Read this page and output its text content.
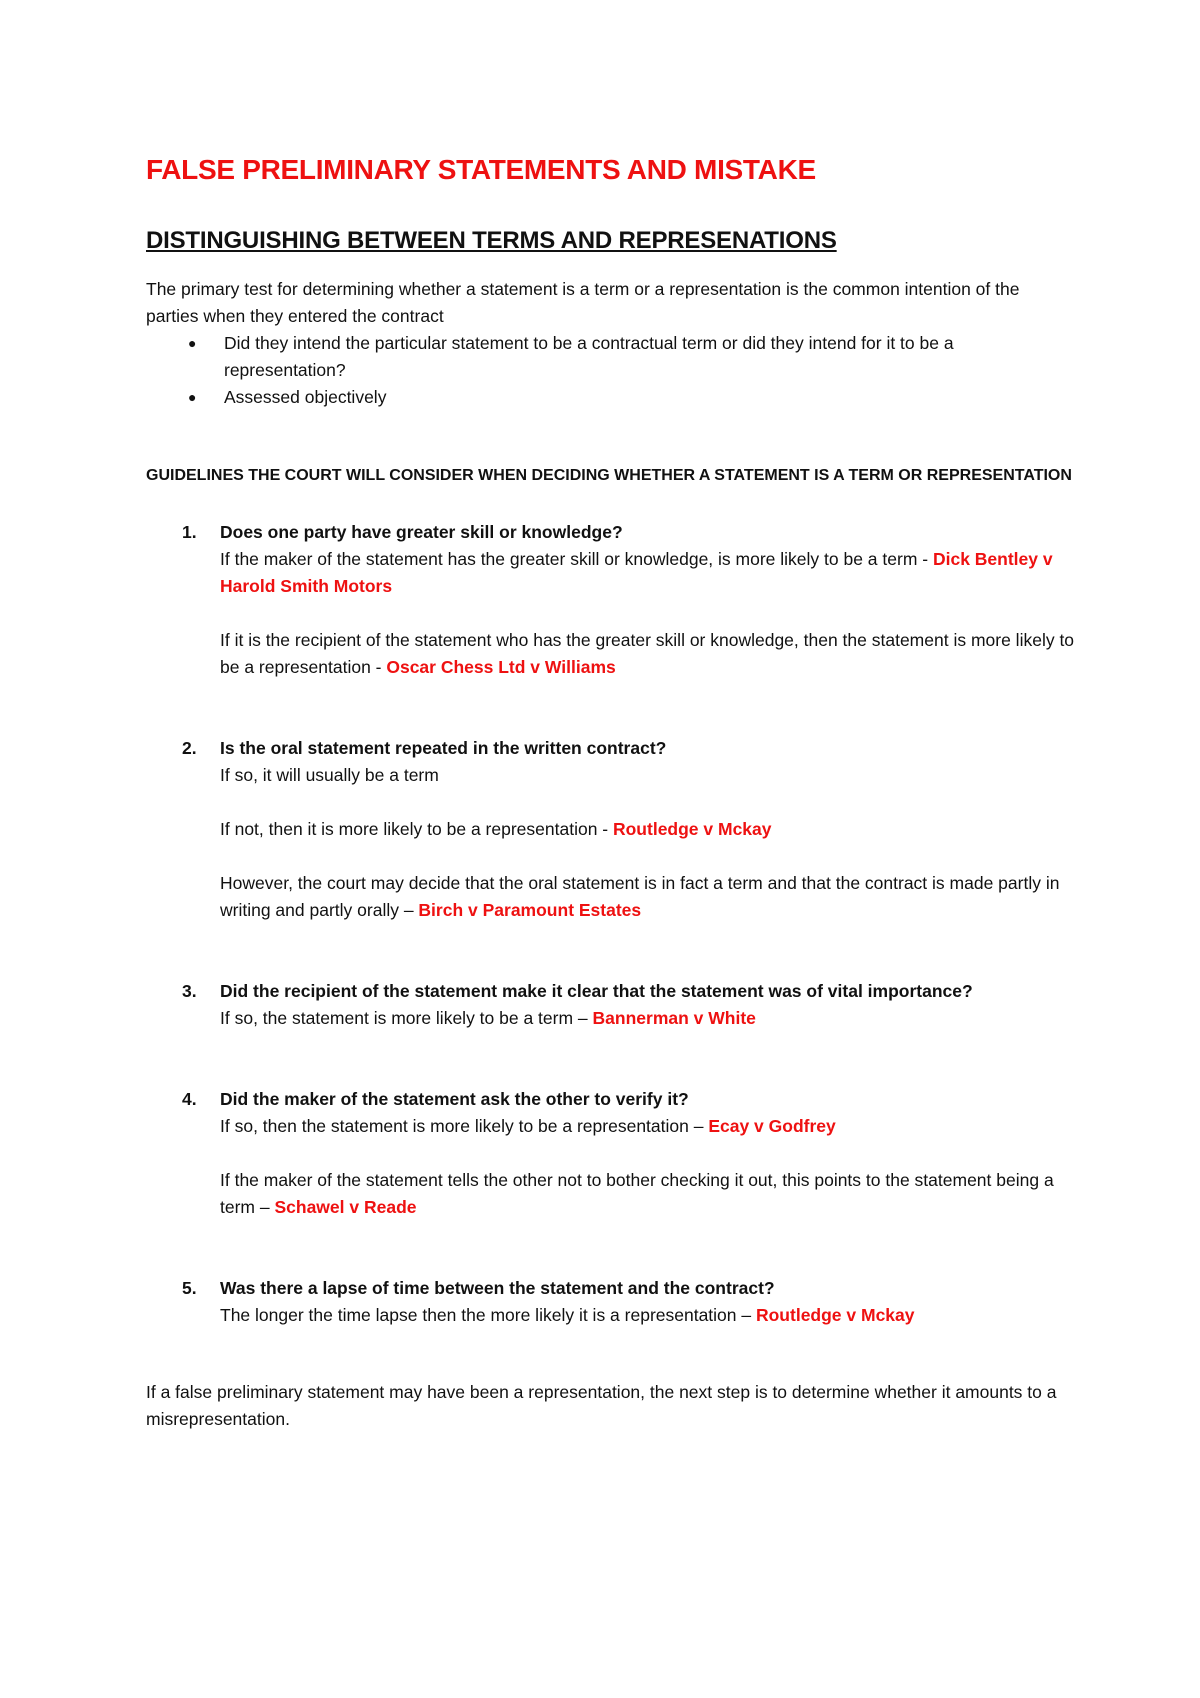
FALSE PRELIMINARY STATEMENTS AND MISTAKE
DISTINGUISHING BETWEEN TERMS AND REPRESENATIONS

The primary test for determining whether a statement is a term or a representation is the common intention of the parties when they entered the contract

● Did they intend the particular statement to be a contractual term or did they intend for it to be a representation?
● Assessed objectively

GUIDELINES THE COURT WILL CONSIDER WHEN DECIDING WHETHER A STATEMENT IS A TERM OR REPRESENTATION

1. Does one party have greater skill or knowledge?

If the maker of the statement has the greater skill or knowledge, is more likely to be a term - Dick Bentley v Harold Smith Motors

If it is the recipient of the statement who has the greater skill or knowledge, then the statement is more likely to be a representation - Oscar Chess Ltd v Williams

2. Is the oral statement repeated in the written contract?

If so, it will usually be a term

If not, then it is more likely to be a representation - Routledge v Mckay

However, the court may decide that the oral statement is in fact a term and that the contract is made partly in writing and partly orally – Birch v Paramount Estates

3. Did the recipient of the statement make it clear that the statement was of vital importance?

If so, the statement is more likely to be a term – Bannerman v White

4. Did the maker of the statement ask the other to verify it?

If so, then the statement is more likely to be a representation – Ecay v Godfrey

If the maker of the statement tells the other not to bother checking it out, this points to the statement being a term – Schawel v Reade

5. Was there a lapse of time between the statement and the contract?

The longer the time lapse then the more likely it is a representation – Routledge v Mckay

If a false preliminary statement may have been a representation, the next step is to determine whether it amounts to a misrepresentation.
